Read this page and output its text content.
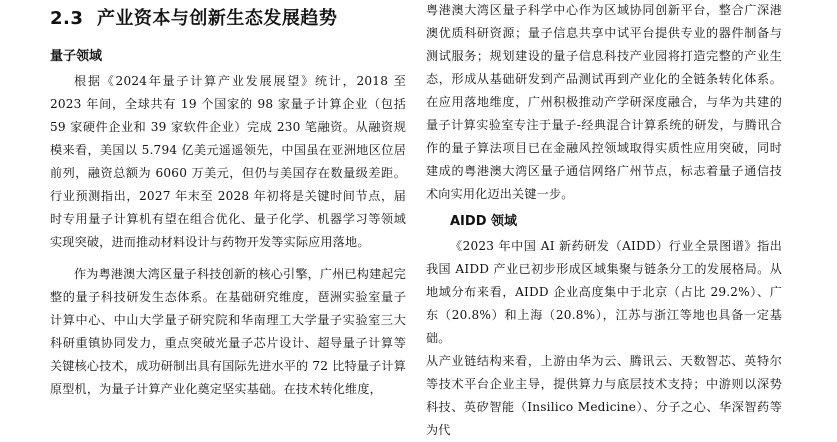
2.3 产业资本与创新生态发展趋势
量子领域

根据《2024年量子计算产业发展展望》统计，2018 至 2023 年间，全球共有 19 个国家的 98 家量子计算企业（包括 59 家硬件企业和 39 家软件企业）完成 230 笔融资。从融资规模来看，美国以 5.794 亿美元遥遥领先，中国虽在亚洲地区位居前列，融资总额为 6060 万美元，但仍与美国存在数量级差距。行业预测指出，2027 年末至 2028 年初将是关键时间节点，届时专用量子计算机有望在组合优化、量子化学、机器学习等领域实现突破，进而推动材料设计与药物开发等实际应用落地。

作为粤港澳大湾区量子科技创新的核心引擎，广州已构建起完整的量子科技研发生态体系。在基础研究维度，琶洲实验室量子计算中心、中山大学量子研究院和华南理工大学量子实验室三大科研重镇协同发力，重点突破光量子芯片设计、超导量子计算等关键核心技术，成功研制出具有国际先进水平的 72 比特量子计算原型机，为量子计算产业化奠定坚实基础。在技术转化维度，

粤港澳大湾区量子科学中心作为区域协同创新平台，整合广深港澳优质科研资源；量子信息共享中试平台提供专业的器件制备与测试服务；规划建设的量子信息科技产业园将打造完整的产业生态，形成从基础研发到产品测试再到产业化的全链条转化体系。在应用落地维度，广州积极推动产学研深度融合，与华为共建的量子计算实验室专注于量子-经典混合计算系统的研发，与腾讯合作的量子算法项目已在金融风控领域取得实质性应用突破，同时建成的粤港澳大湾区量子通信网络广州节点，标志着量子通信技术向实用化迈出关键一步。

AIDD 领域

《2023 年中国 AI 新药研发（AIDD）行业全景图谱》指出我国 AIDD 产业已初步形成区域集聚与链条分工的发展格局。从地域分布来看，AIDD 企业高度集中于北京（占比 29.2%）、广东（20.8%）和上海（20.8%），江苏与浙江等地也具备一定基础。

从产业链结构来看，上游由华为云、腾讯云、天数智芯、英特尔等技术平台企业主导，提供算力与底层技术支持；中游则以深势科技、英矽智能（Insilico Medicine）、分子之心、华深智药等为代
